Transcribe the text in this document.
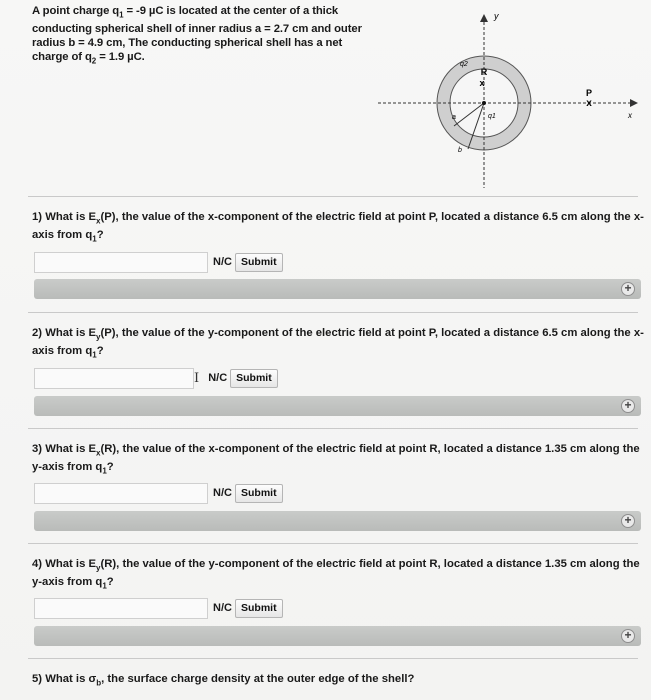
A point charge $q_1 = -9$ µC is located at the center of a thick conducting spherical shell of inner radius a = 2.7 cm and outer radius b = 4.9 cm, The conducting spherical shell has a net charge of $q_2 = 1.9$ µC.
x
R
x
P
y
x
q2
q1
a
b
1) What is $E_x(P)$, the value of the x-component of the electric field at point P, located a distance 6.5 cm along the x-axis from $q_1$?
N/C Submit
+
2) What is $E_y(P)$, the value of the y-component of the electric field at point P, located a distance 6.5 cm along the x-axis from $q_1$?
I N/C Submit
+
3) What is $E_x(R)$, the value of the x-component of the electric field at point R, located a distance 1.35 cm along the y-axis from $q_1$?
N/C Submit
+
4) What is $E_y(R)$, the value of the y-component of the electric field at point R, located a distance 1.35 cm along the y-axis from $q_1$?
N/C Submit
+
5) What is $\sigma_b$, the surface charge density at the outer edge of the shell?
